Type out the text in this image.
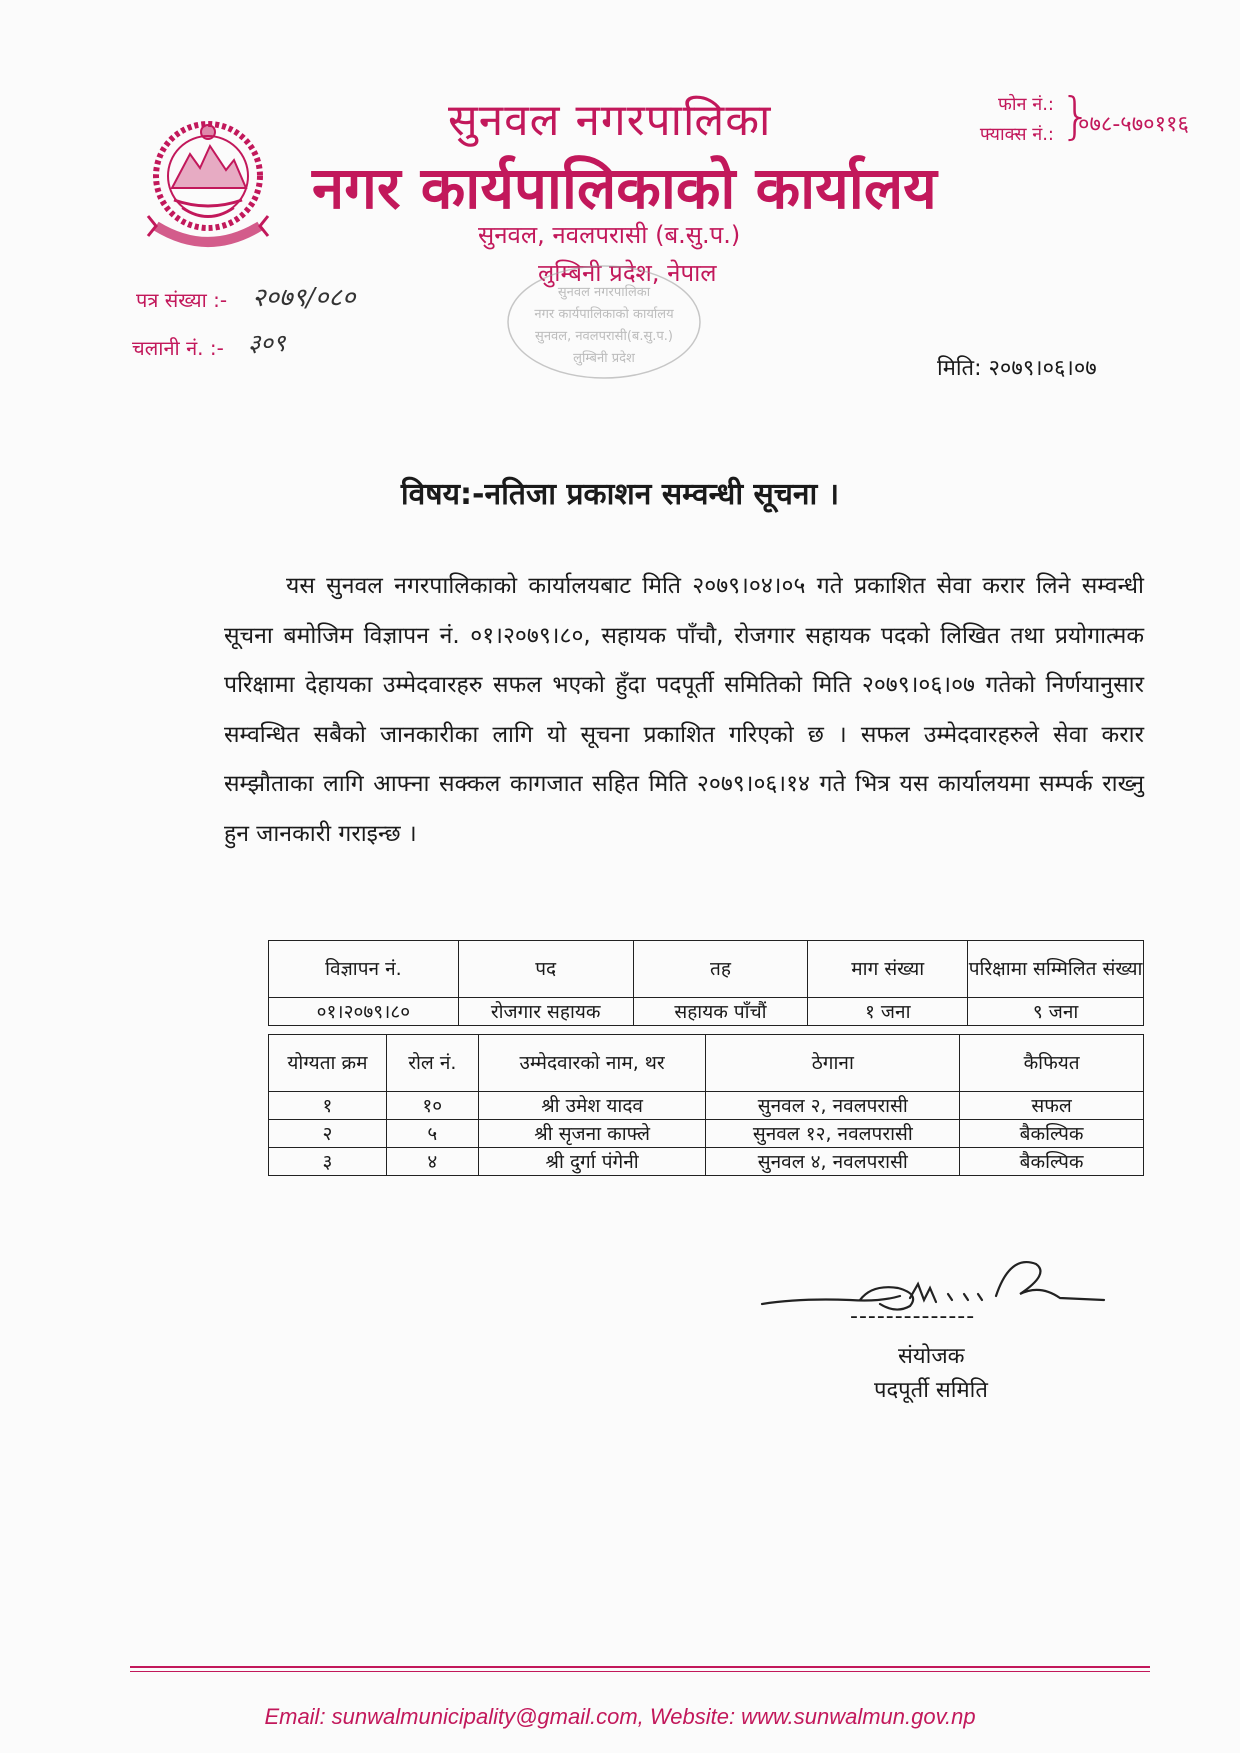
सुनवल नगरपालिका
नगर कार्यपालिकाको कार्यालय
सुनवल, नवलपरासी (ब.सु.प.)
लुम्बिनी प्रदेश, नेपाल
फोन नं.:
फ्याक्स नं.: }
०७८-५७०११६
पत्र संख्या :- २०७९/०८०
चलानी नं. :- ३०९
सुनवल नगरपालिका
नगर कार्यपालिकाको कार्यालय
सुनवल, नवलपरासी(ब.सु.प.)
लुम्बिनी प्रदेश	मिति: २०७९।०६।०७
विषय:-नतिजा प्रकाशन सम्वन्धी सूचना ।
यस सुनवल नगरपालिकाको कार्यालयबाट मिति २०७९।०४।०५ गते प्रकाशित सेवा करार लिने सम्वन्धी सूचना बमोजिम विज्ञापन नं. ०१।२०७९।८०, सहायक पाँचौ, रोजगार सहायक पदको लिखित तथा प्रयोगात्मक परिक्षामा देहायका उम्मेदवारहरु सफल भएको हुँदा पदपूर्ती समितिको मिति २०७९।०६।०७ गतेको निर्णयानुसार सम्वन्धित सबैको जानकारीका लागि यो सूचना प्रकाशित गरिएको छ । सफल उम्मेदवारहरुले सेवा करार सम्झौताका लागि आफ्ना सक्कल कागजात सहित मिति २०७९।०६।१४ गते भित्र यस कार्यालयमा सम्पर्क राख्नु हुन जानकारी गराइन्छ ।
विज्ञापन नं.	पद	तह	माग संख्या	परिक्षामा सम्मिलित संख्या
०१।२०७९।८०	रोजगार सहायक	सहायक पाँचौं	१ जना	९ जना
योग्यता क्रम	रोल नं.	उम्मेदवारको नाम, थर	ठेगाना	कैफियत
१	१०	श्री उमेश यादव	सुनवल २, नवलपरासी	सफल
२	५	श्री सृजना काफ्ले	सुनवल १२, नवलपरासी	बैकल्पिक
३	४	श्री दुर्गा पंगेनी	सुनवल ४, नवलपरासी	बैकल्पिक
--------------
संयोजक
पदपूर्ती समिति
Email: sunwalmunicipality@gmail.com, Website: www.sunwalmun.gov.np
